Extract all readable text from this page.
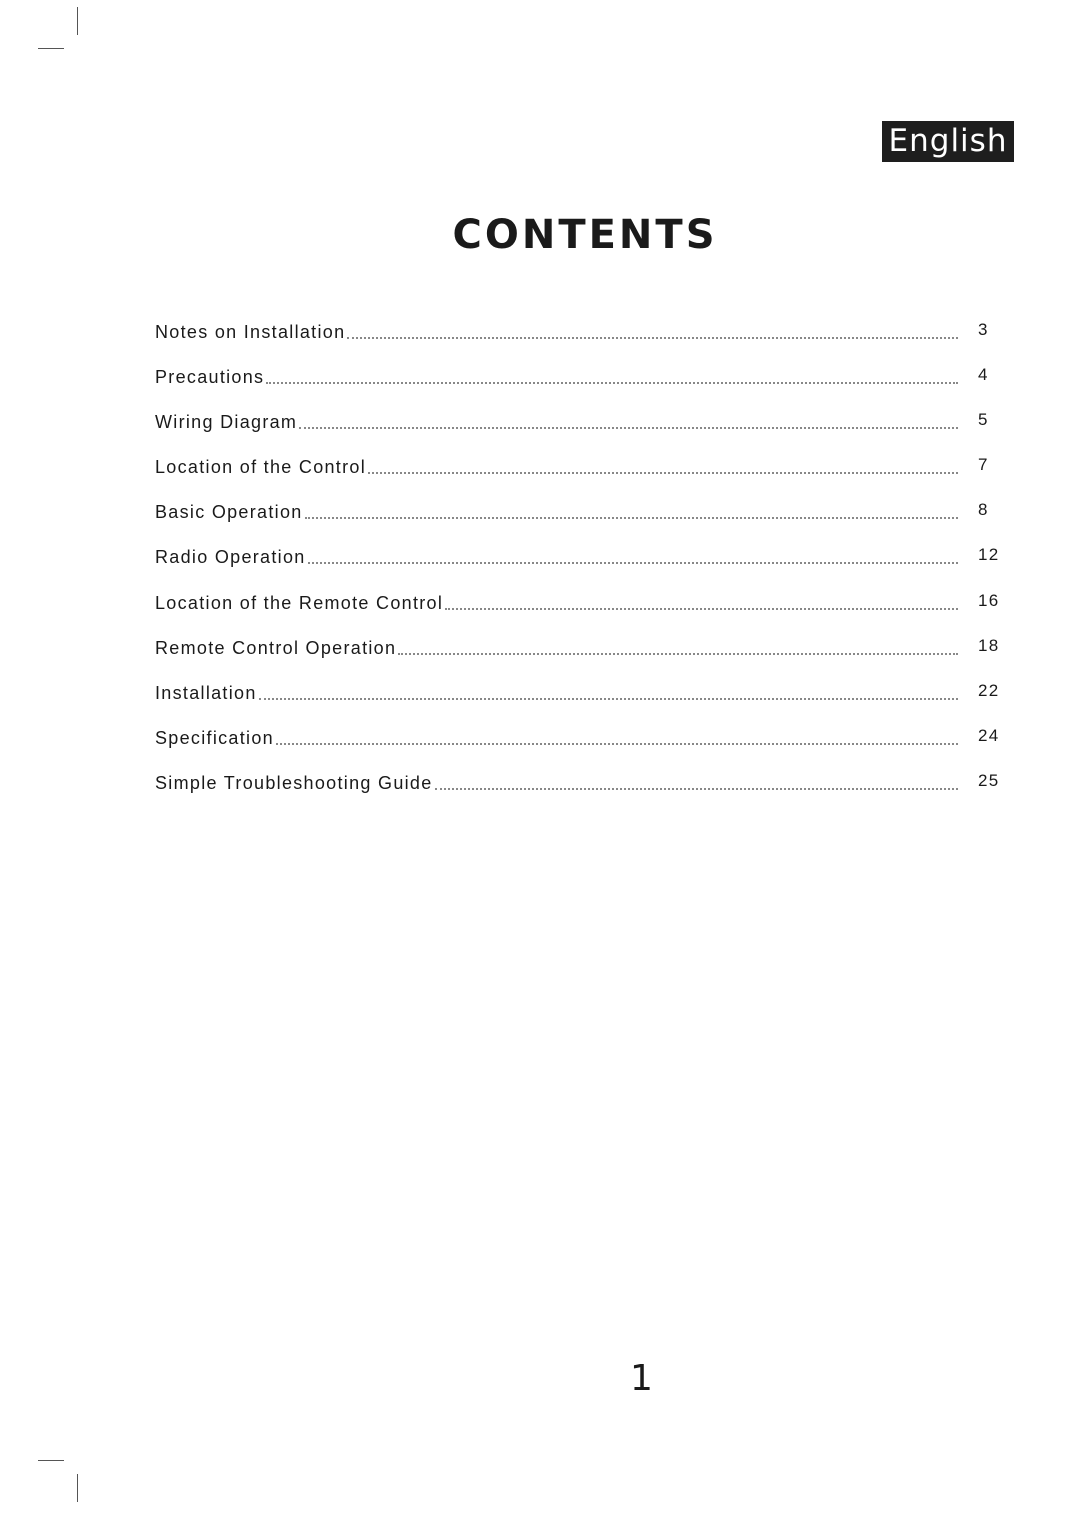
English
CONTENTS
Notes on Installation	3
Precautions	4
Wiring Diagram	5
Location of the Control	7
Basic Operation	8
Radio Operation	12
Location of the Remote Control	16
Remote Control Operation	18
Installation	22
Specification	24
Simple Troubleshooting Guide	25
1
